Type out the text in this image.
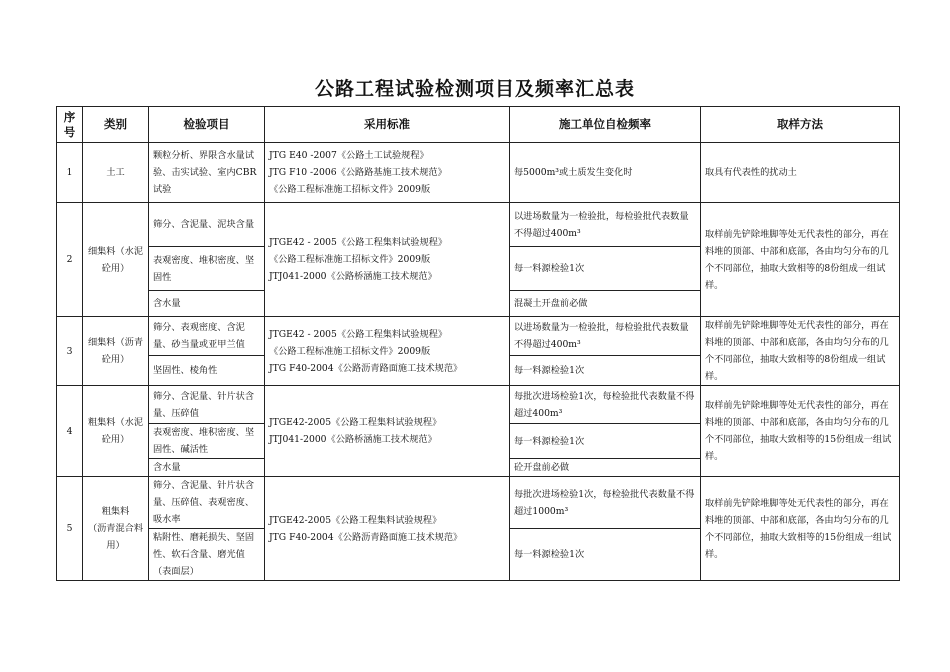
公路工程试验检测项目及频率汇总表
序
号	类别	检验项目	采用标准	施工单位自检频率	取样方法
1	土工	颗粒分析、界限含水量试验、击实试验、室内CBR试验	JTG E40 -2007《公路土工试验规程》
JTG F10 -2006《公路路基施工技术规范》
《公路工程标准施工招标文件》2009版	每5000m³或土质发生变化时	取具有代表性的扰动土
2	细集料（水泥砼用）	筛分、含泥量、泥块含量	JTGE42 - 2005《公路工程集料试验规程》
《公路工程标准施工招标文件》2009版
JTJ041-2000《公路桥涵施工技术规范》	以进场数量为一检验批，每检验批代表数量不得超过400m³	取样前先铲除堆脚等处无代表性的部分，再在料堆的顶部、中部和底部，各由均匀分布的几个不同部位，抽取大致相等的8份组成一组试样。
		表观密度、堆积密度、坚固性		每一料源检验1次	
		含水量		混凝土开盘前必做	
3	细集料（沥青砼用）	筛分、表观密度、含泥量、砂当量或亚甲兰值	JTGE42 - 2005《公路工程集料试验规程》
《公路工程标准施工招标文件》2009版
JTG F40-2004《公路沥青路面施工技术规范》	以进场数量为一检验批，每检验批代表数量不得超过400m³	取样前先铲除堆脚等处无代表性的部分，再在料堆的顶部、中部和底部，各由均匀分布的几个不同部位，抽取大致相等的8份组成一组试样。
		坚固性、棱角性		每一料源检验1次	
4	粗集料（水泥砼用）	筛分、含泥量、针片状含量、压碎值	JTGE42-2005《公路工程集料试验规程》
JTJ041-2000《公路桥涵施工技术规范》	每批次进场检验1次，每检验批代表数量不得超过400m³	取样前先铲除堆脚等处无代表性的部分，再在料堆的顶部、中部和底部，各由均匀分布的几个不同部位，抽取大致相等的15份组成一组试样。
		表观密度、堆积密度、坚固性、碱活性		每一料源检验1次	
		含水量		砼开盘前必做	
5	粗集料
（沥青混合料用）	筛分、含泥量、针片状含量、压碎值、表观密度、吸水率	JTGE42-2005《公路工程集料试验规程》
JTG F40-2004《公路沥青路面施工技术规范》	每批次进场检验1次，每检验批代表数量不得超过1000m³	取样前先铲除堆脚等处无代表性的部分，再在料堆的顶部、中部和底部，各由均匀分布的几个不同部位，抽取大致相等的15份组成一组试样。
		粘附性、磨耗损失、坚固性、软石含量、磨光值（表面层）		每一料源检验1次	
